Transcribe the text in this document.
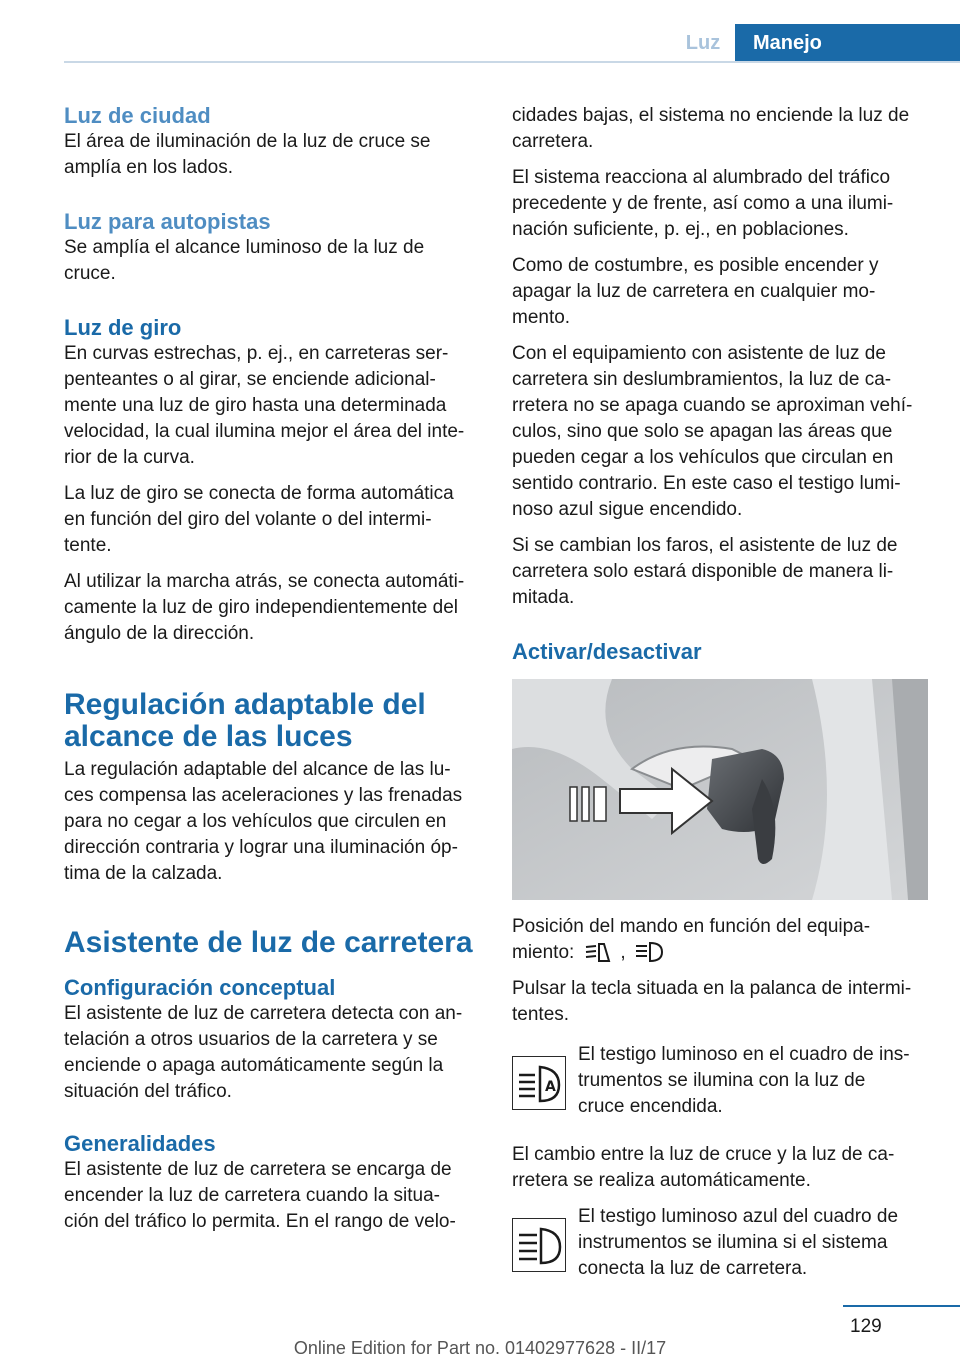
Luz	Manejo
Luz de ciudad
El área de iluminación de la luz de cruce se
amplía en los lados.
Luz para autopistas
Se amplía el alcance luminoso de la luz de
cruce.
Luz de giro
En curvas estrechas, p. ej., en carreteras ser‐
penteantes o al girar, se enciende adicional‐
mente una luz de giro hasta una determinada
velocidad, la cual ilumina mejor el área del inte‐
rior de la curva.
La luz de giro se conecta de forma automática
en función del giro del volante o del intermi‐
tente.
Al utilizar la marcha atrás, se conecta automáti‐
camente la luz de giro independientemente del
ángulo de la dirección.
Regulación adaptable del
alcance de las luces
La regulación adaptable del alcance de las lu‐
ces compensa las aceleraciones y las frenadas
para no cegar a los vehículos que circulen en
dirección contraria y lograr una iluminación óp‐
tima de la calzada.
Asistente de luz de carretera
Configuración conceptual
El asistente de luz de carretera detecta con an‐
telación a otros usuarios de la carretera y se
enciende o apaga automáticamente según la
situación del tráfico.
Generalidades
El asistente de luz de carretera se encarga de
encender la luz de carretera cuando la situa‐
ción del tráfico lo permita. En el rango de velo‐
cidades bajas, el sistema no enciende la luz de
carretera.
El sistema reacciona al alumbrado del tráfico
precedente y de frente, así como a una ilumi‐
nación suficiente, p. ej., en poblaciones.
Como de costumbre, es posible encender y
apagar la luz de carretera en cualquier mo‐
mento.
Con el equipamiento con asistente de luz de
carretera sin deslumbramientos, la luz de ca‐
rretera no se apaga cuando se aproximan vehí‐
culos, sino que solo se apagan las áreas que
pueden cegar a los vehículos que circulan en
sentido contrario. En este caso el testigo lumi‐
noso azul sigue encendido.
Si se cambian los faros, el asistente de luz de
carretera solo estará disponible de manera li‐
mitada.
Activar/desactivar
Posición del mando en función del equipa‐
miento: ,
Pulsar la tecla situada en la palanca de intermi‐
tentes.
A
El testigo luminoso en el cuadro de ins‐
trumentos se ilumina con la luz de
cruce encendida.
El cambio entre la luz de cruce y la luz de ca‐
rretera se realiza automáticamente.
El testigo luminoso azul del cuadro de
instrumentos se ilumina si el sistema
conecta la luz de carretera.
129
Online Edition for Part no. 01402977628 - II/17
